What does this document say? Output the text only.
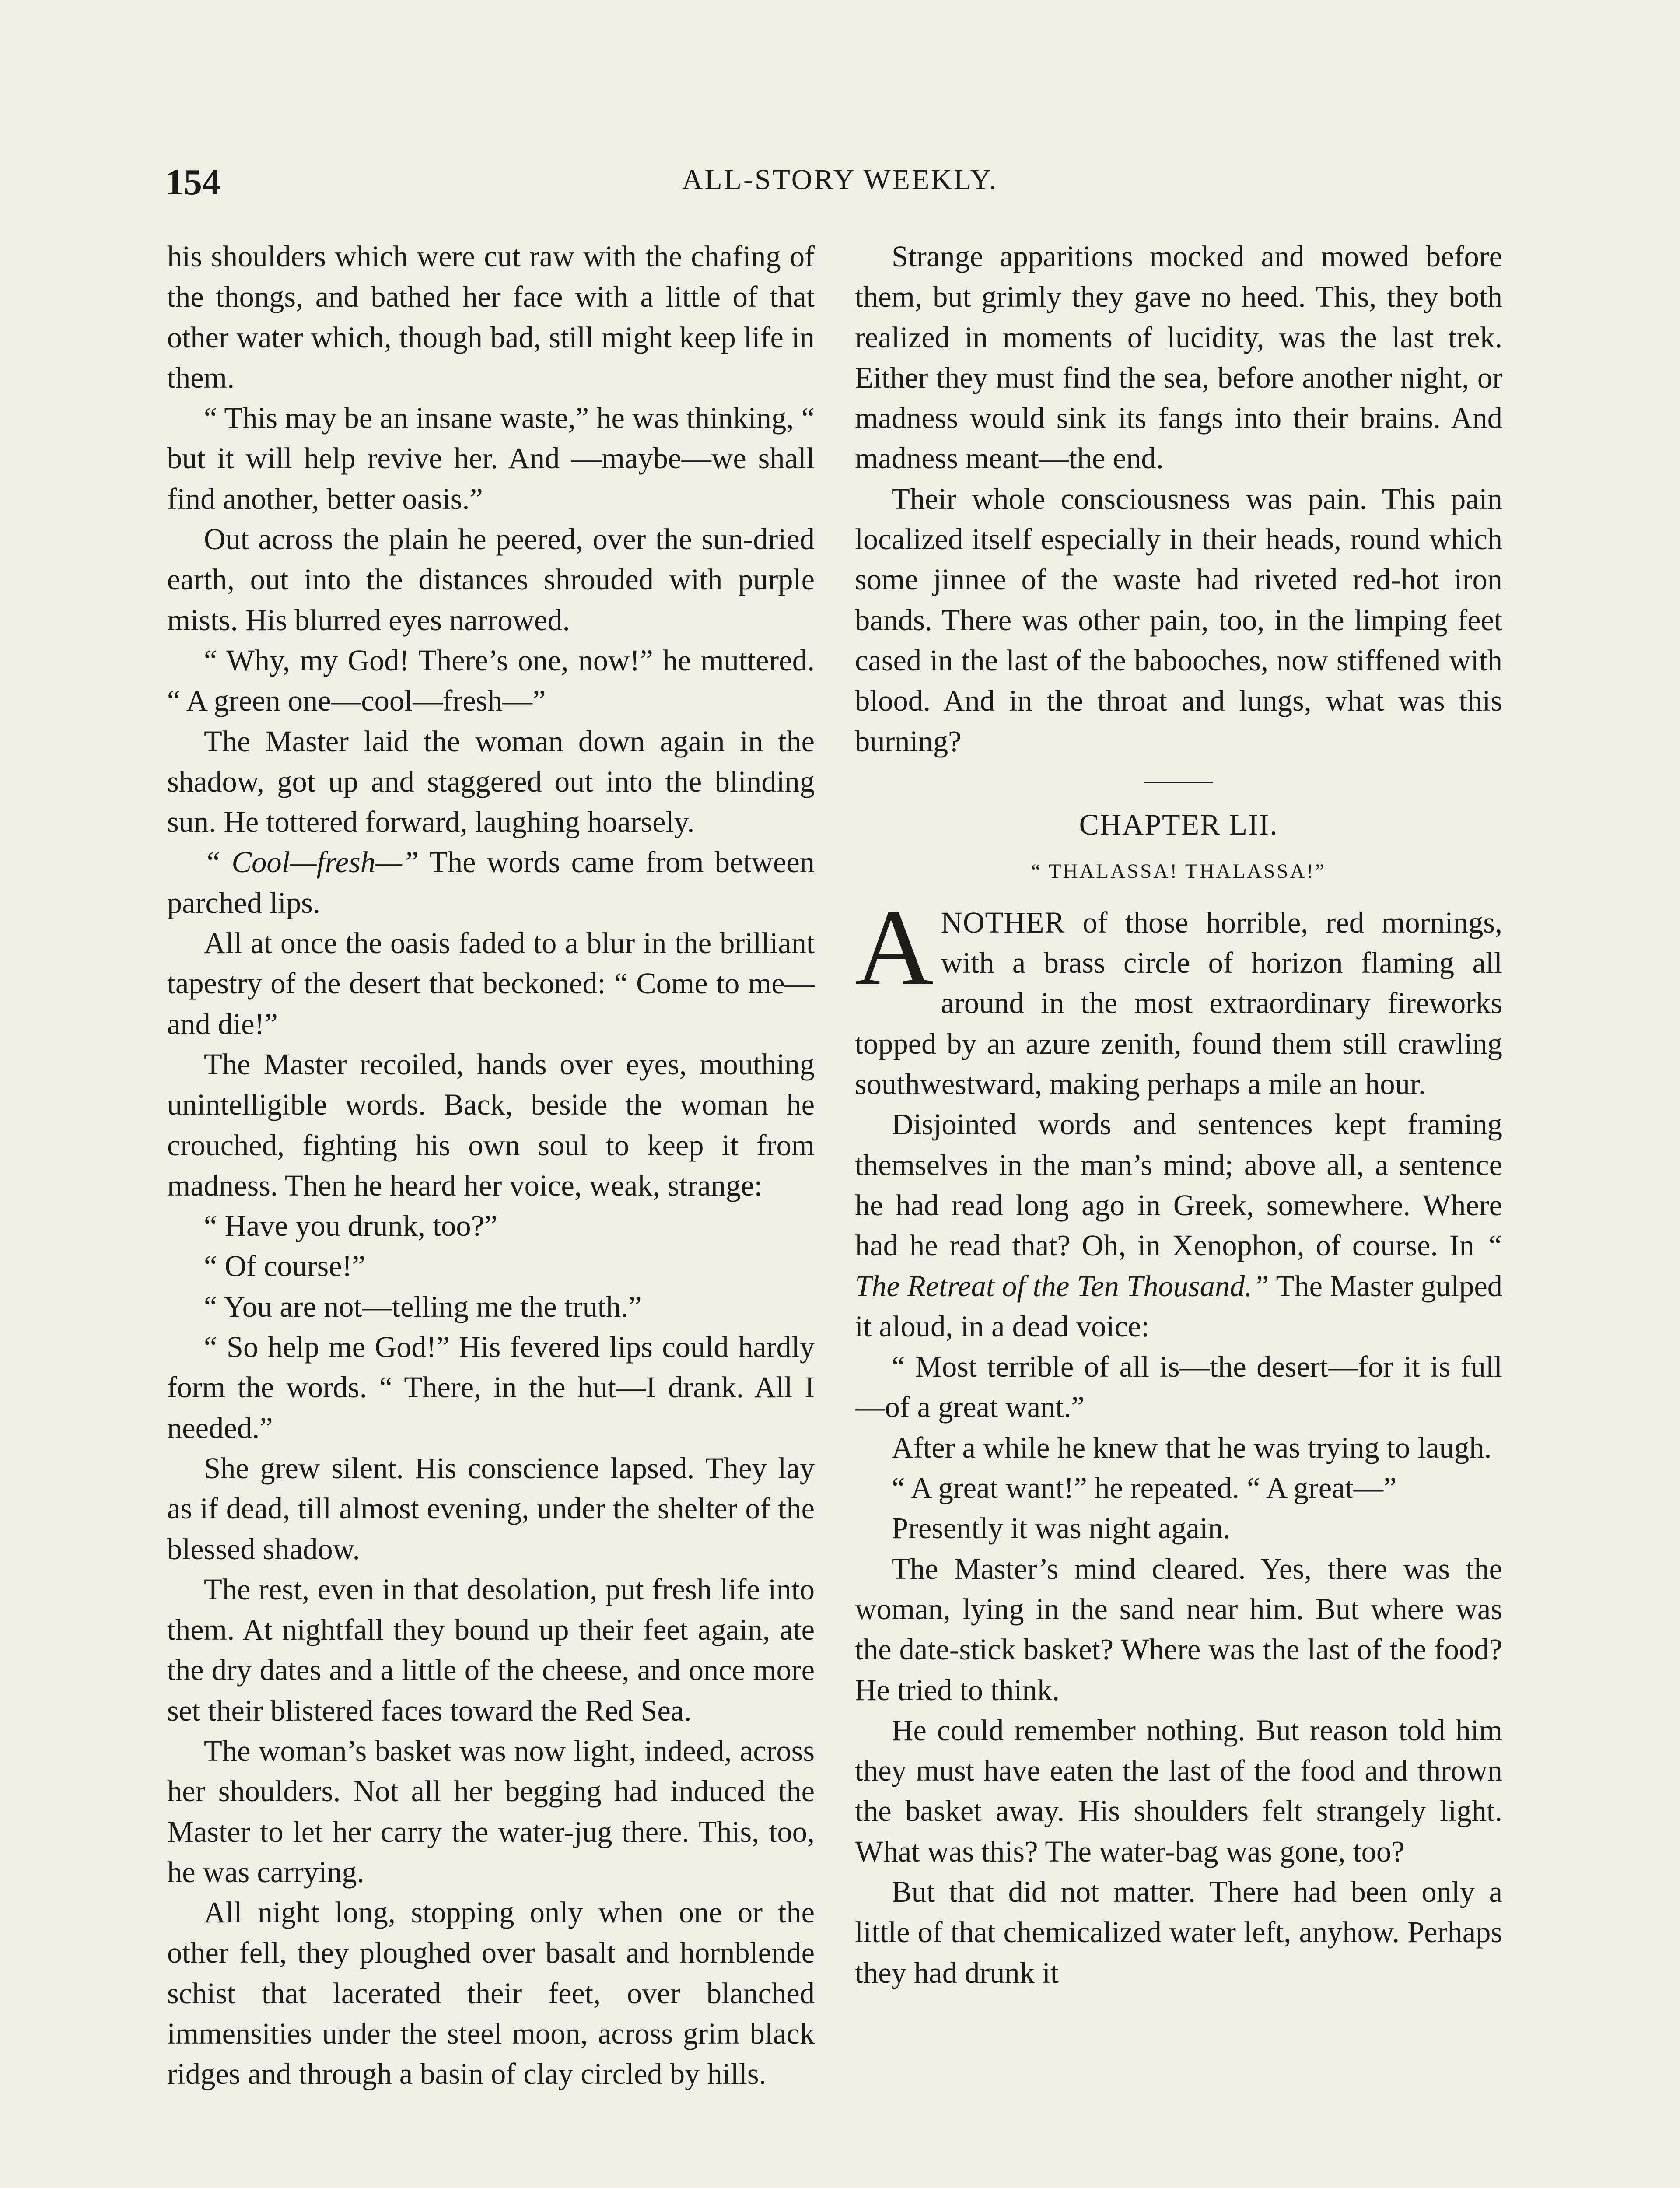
154	ALL-STORY WEEKLY.

his shoulders which were cut raw with the chafing of the thongs, and bathed her face with a little of that other water which, though bad, still might keep life in them.

“ This may be an insane waste,” he was thinking, “ but it will help revive her. And —maybe—we shall find another, better oasis.”

Out across the plain he peered, over the sun-dried earth, out into the distances shrouded with purple mists. His blurred eyes narrowed.

“ Why, my God! There’s one, now!” he muttered. “ A green one—cool—fresh—”

The Master laid the woman down again in the shadow, got up and staggered out into the blinding sun. He tottered forward, laughing hoarsely.

“ Cool—fresh—” The words came from between parched lips.

All at once the oasis faded to a blur in the brilliant tapestry of the desert that beckoned: “ Come to me—and die!”

The Master recoiled, hands over eyes, mouthing unintelligible words. Back, beside the woman he crouched, fighting his own soul to keep it from madness. Then he heard her voice, weak, strange:

“ Have you drunk, too?”

“ Of course!”

“ You are not—telling me the truth.”

“ So help me God!” His fevered lips could hardly form the words. “ There, in the hut—I drank. All I needed.”

She grew silent. His conscience lapsed. They lay as if dead, till almost evening, under the shelter of the blessed shadow.

The rest, even in that desolation, put fresh life into them. At nightfall they bound up their feet again, ate the dry dates and a little of the cheese, and once more set their blistered faces toward the Red Sea.

The woman’s basket was now light, indeed, across her shoulders. Not all her begging had induced the Master to let her carry the water-jug there. This, too, he was carrying.

All night long, stopping only when one or the other fell, they ploughed over basalt and hornblende schist that lacerated their feet, over blanched immensities under the steel moon, across grim black ridges and through a basin of clay circled by hills.

Strange apparitions mocked and mowed before them, but grimly they gave no heed. This, they both realized in moments of lucidity, was the last trek. Either they must find the sea, before another night, or madness would sink its fangs into their brains. And madness meant—the end.

Their whole consciousness was pain. This pain localized itself especially in their heads, round which some jinnee of the waste had riveted red-hot iron bands. There was other pain, too, in the limping feet cased in the last of the babooches, now stiffened with blood. And in the throat and lungs, what was this burning?

CHAPTER LII.
“ THALASSA! THALASSA!”

ANOTHER of those horrible, red mornings, with a brass circle of horizon flaming all around in the most extraordinary fireworks topped by an azure zenith, found them still crawling southwestward, making perhaps a mile an hour.

Disjointed words and sentences kept framing themselves in the man’s mind; above all, a sentence he had read long ago in Greek, somewhere. Where had he read that? Oh, in Xenophon, of course. In “ The Retreat of the Ten Thousand.” The Master gulped it aloud, in a dead voice:

“ Most terrible of all is—the desert—for it is full—of a great want.”

After a while he knew that he was trying to laugh.

“ A great want!” he repeated. “ A great—”

Presently it was night again.

The Master’s mind cleared. Yes, there was the woman, lying in the sand near him. But where was the date-stick basket? Where was the last of the food? He tried to think.

He could remember nothing. But reason told him they must have eaten the last of the food and thrown the basket away. His shoulders felt strangely light. What was this? The water-bag was gone, too?

But that did not matter. There had been only a little of that chemicalized water left, anyhow. Perhaps they had drunk it
